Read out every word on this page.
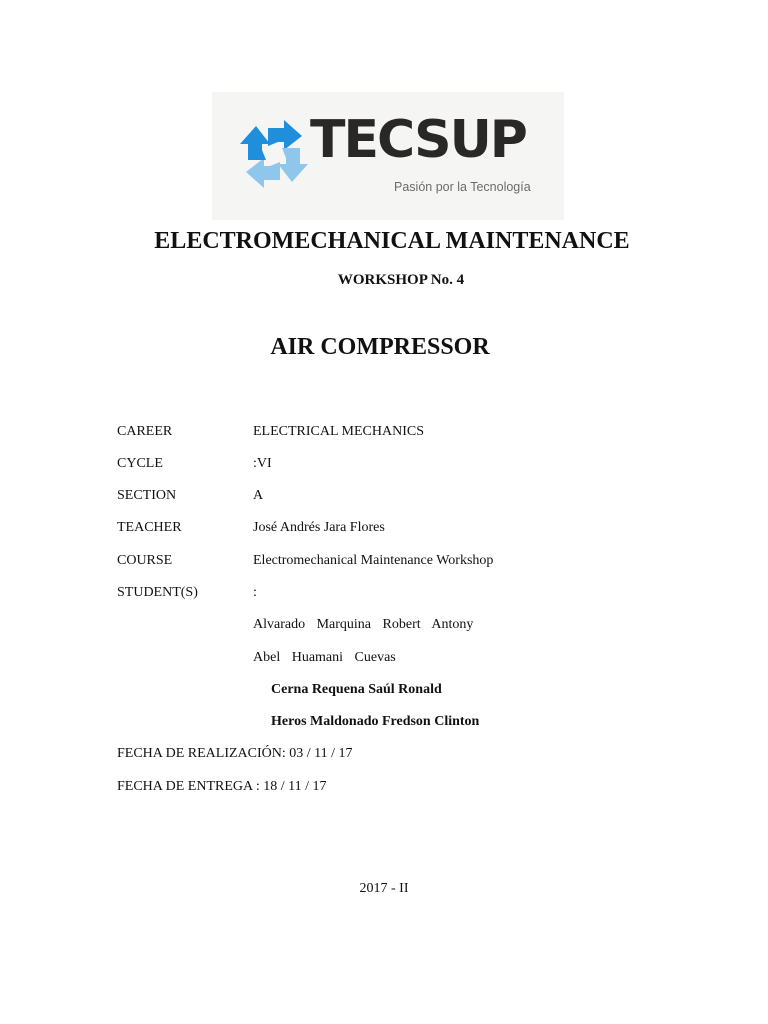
TECSUP
Pasión por la Tecnología
ELECTROMECHANICAL MAINTENANCE
WORKSHOP No. 4
AIR COMPRESSOR
CAREER	ELECTRICAL MECHANICS
CYCLE	:VI
SECTION	A
TEACHER	José Andrés Jara Flores
COURSE	Electromechanical Maintenance Workshop
STUDENT(S)	:
Alvarado Marquina Robert Antony
Abel Huamani Cuevas
Cerna Requena Saúl Ronald
Heros Maldonado Fredson Clinton
FECHA DE REALIZACIÓN: 03 / 11 / 17
FECHA DE ENTREGA : 18 / 11 / 17
2017 - II
